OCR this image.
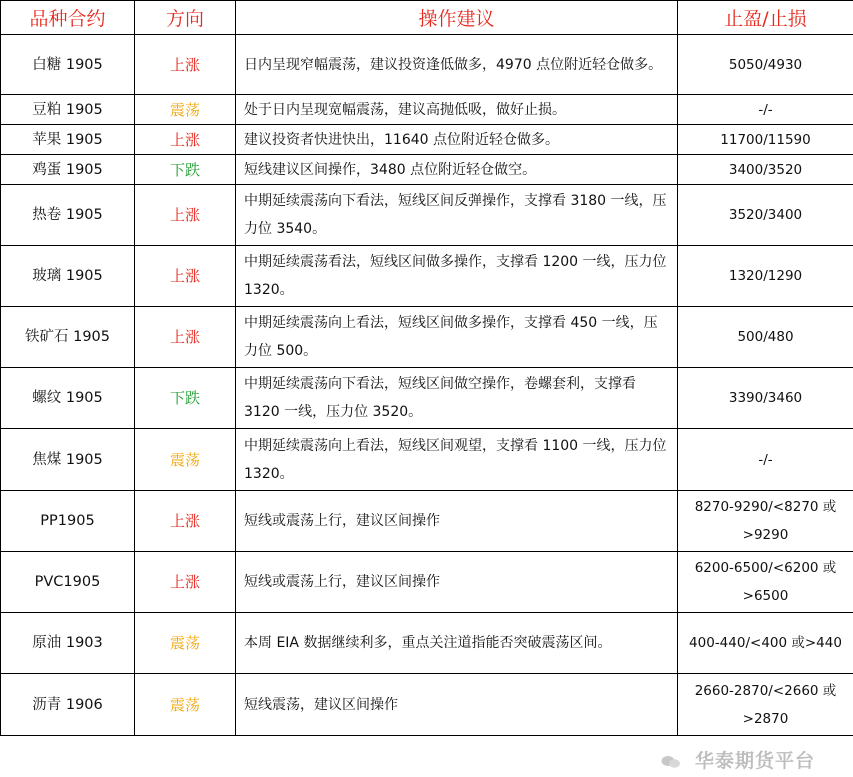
品种合约	方向	操作建议	止盈/止损
白糖 1905	上涨	日内呈现窄幅震荡，建议投资逢低做多，4970 点位附近轻仓做多。	5050/4930
豆粕 1905	震荡	处于日内呈现宽幅震荡，建议高抛低吸，做好止损。	-/-
苹果 1905	上涨	建议投资者快进快出，11640 点位附近轻仓做多。	11700/11590
鸡蛋 1905	下跌	短线建议区间操作，3480 点位附近轻仓做空。	3400/3520
热卷 1905	上涨	中期延续震荡向下看法，短线区间反弹操作，支撑看 3180 一线，压力位 3540。	3520/3400
玻璃 1905	上涨	中期延续震荡看法，短线区间做多操作，支撑看 1200 一线，压力位 1320。	1320/1290
铁矿石 1905	上涨	中期延续震荡向上看法，短线区间做多操作，支撑看 450 一线，压力位 500。	500/480
螺纹 1905	下跌	中期延续震荡向下看法，短线区间做空操作，卷螺套利，支撑看 3120 一线，压力位 3520。	3390/3460
焦煤 1905	震荡	中期延续震荡向上看法，短线区间观望，支撑看 1100 一线，压力位 1320。	-/-
PP1905	上涨	短线或震荡上行，建议区间操作	8270-9290/<8270 或>9290
PVC1905	上涨	短线或震荡上行，建议区间操作	6200-6500/<6200 或>6500
原油 1903	震荡	本周 EIA 数据继续利多，重点关注道指能否突破震荡区间。	400-440/<400 或>440
沥青 1906	震荡	短线震荡，建议区间操作	2660-2870/<2660 或>2870
华泰期货平台
